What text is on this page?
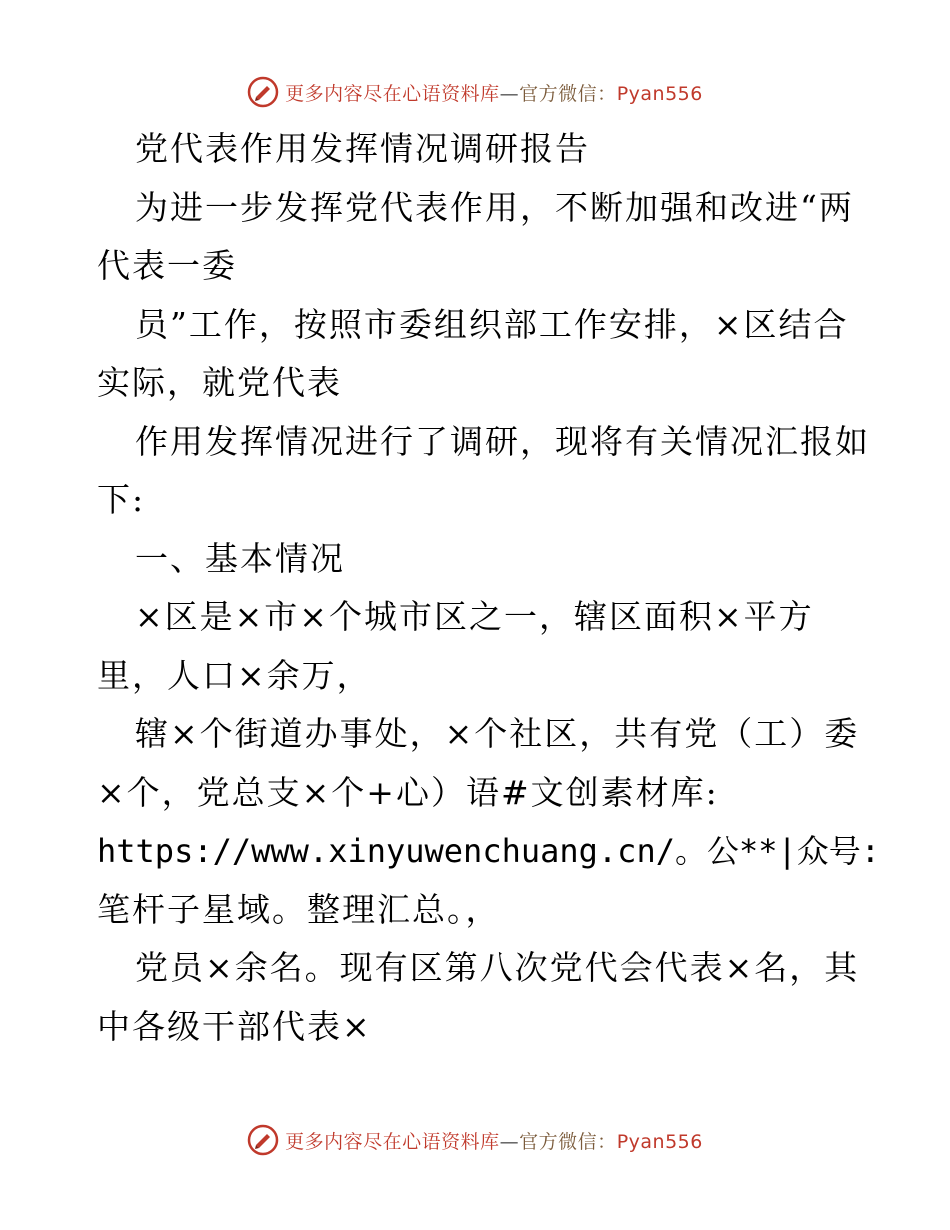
更多内容尽在心语资料库—官方微信：Pyan556
党代表作用发挥情况调研报告
为进一步发挥党代表作用，不断加强和改进“两
代表一委
员”工作，按照市委组织部工作安排，×区结合
实际，就党代表
作用发挥情况进行了调研，现将有关情况汇报如
下:
一、基本情况
×区是×市×个城市区之一，辖区面积×平方
里，人口×余万，
辖×个街道办事处，×个社区，共有党（工）委
×个，党总支×个+心）语#文创素材库:
https://www.xinyuwenchuang.cn/。公**|众号:
笔杆子星域。整理汇总。，
党员×余名。现有区第八次党代会代表×名，其
中各级干部代表×
更多内容尽在心语资料库—官方微信：Pyan556
